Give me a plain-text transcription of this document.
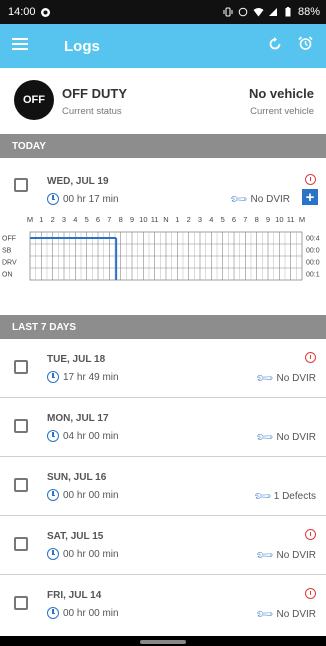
14:00	88%
Logs
OFF	OFF DUTY
Current status
No vehicle
Current vehicle
TODAY
WED, JUL 19
00 hr 17 min	🔧︎ No DVIR +
M 1 2 3 4 5 6 7 8 9 10 11 N 1 2 3 4 5 6 7 8 9 10 11 M
OFF	00:4
SB	00:0
DRV	00:0
ON	00:1
LAST 7 DAYS
TUE, JUL 18
17 hr 49 min	🔧︎ No DVIR
MON, JUL 17
04 hr 00 min	🔧︎ No DVIR
SUN, JUL 16
00 hr 00 min	🔧︎ 1 Defects
SAT, JUL 15
00 hr 00 min	🔧︎ No DVIR
FRI, JUL 14
00 hr 00 min	🔧︎ No DVIR
